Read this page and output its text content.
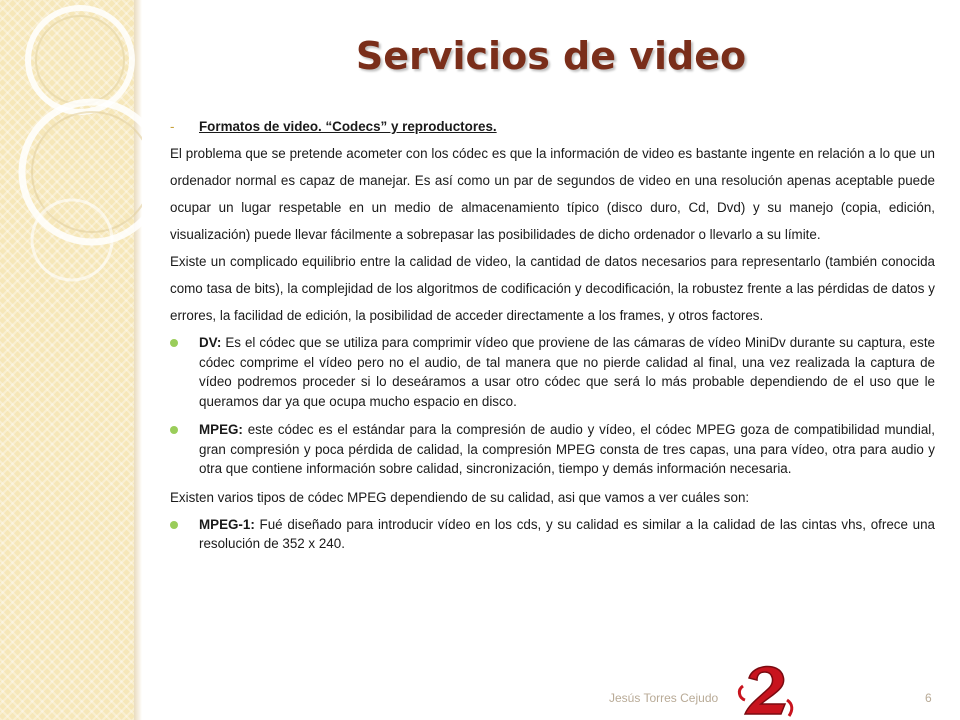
Servicios de video
- Formatos de video. “Codecs” y reproductores.
El problema que se pretende acometer con los códec es que la información de video es bastante ingente en relación a lo que un ordenador normal es capaz de manejar. Es así como un par de segundos de video en una resolución apenas aceptable puede ocupar un lugar respetable en un medio de almacenamiento típico (disco duro, Cd, Dvd) y su manejo (copia, edición, visualización) puede llevar fácilmente a sobrepasar las posibilidades de dicho ordenador o llevarlo a su límite.
Existe un complicado equilibrio entre la calidad de video, la cantidad de datos necesarios para representarlo (también conocida como tasa de bits), la complejidad de los algoritmos de codificación y decodificación, la robustez frente a las pérdidas de datos y errores, la facilidad de edición, la posibilidad de acceder directamente a los frames, y otros factores.
DV: Es el códec que se utiliza para comprimir vídeo que proviene de las cámaras de vídeo MiniDv durante su captura, este códec comprime el vídeo pero no el audio, de tal manera que no pierde calidad al final, una vez realizada la captura de vídeo podremos proceder si lo deseáramos a usar otro códec que será lo más probable dependiendo de el uso que le queramos dar ya que ocupa mucho espacio en disco.
MPEG: este códec es el estándar para la compresión de audio y vídeo, el códec MPEG goza de compatibilidad mundial, gran compresión y poca pérdida de calidad, la compresión MPEG consta de tres capas, una para vídeo, otra para audio y otra que contiene información sobre calidad, sincronización, tiempo y demás información necesaria.
Existen varios tipos de códec MPEG dependiendo de su calidad, asi que vamos a ver cuáles son:
MPEG-1: Fué diseñado para introducir vídeo en los cds, y su calidad es similar a la calidad de las cintas vhs, ofrece una resolución de 352 x 240.
Jesús Torres Cejudo	6
